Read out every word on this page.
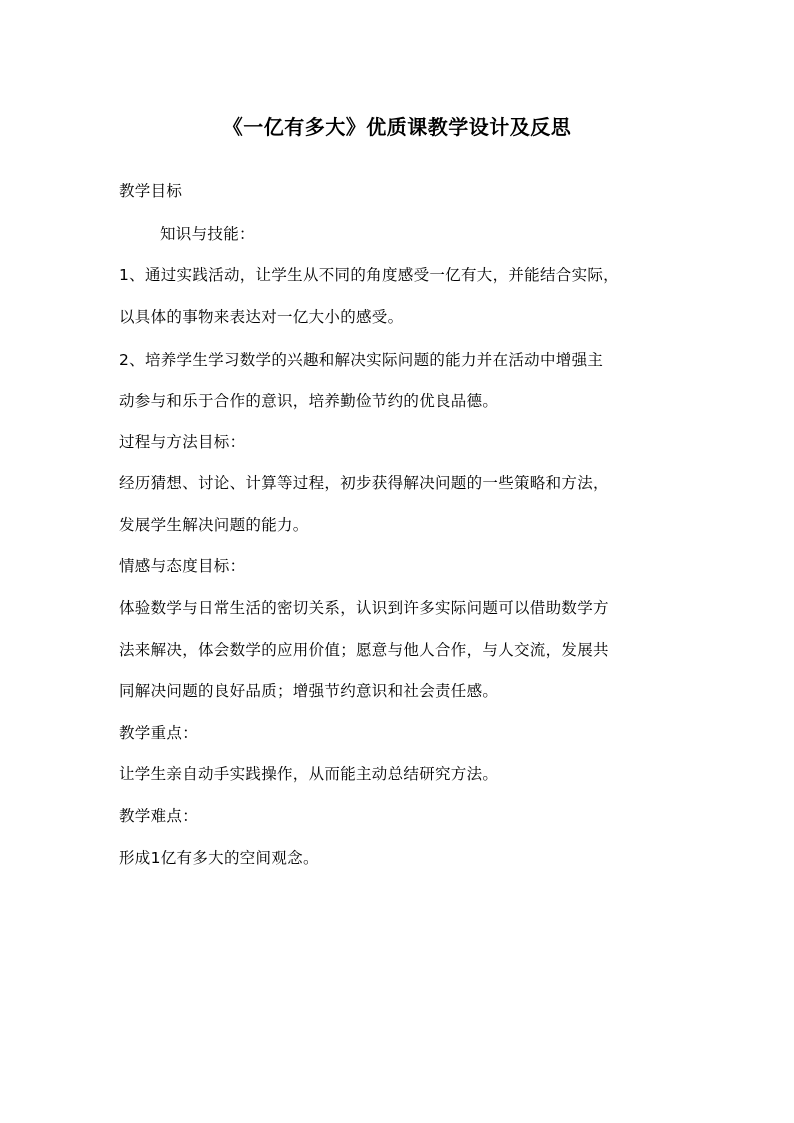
《一亿有多大》优质课教学设计及反思
教学目标
知识与技能：
1、通过实践活动，让学生从不同的角度感受一亿有大，并能结合实际，
以具体的事物来表达对一亿大小的感受。
2、培养学生学习数学的兴趣和解决实际问题的能力并在活动中增强主
动参与和乐于合作的意识，培养勤俭节约的优良品德。
过程与方法目标：
经历猜想、讨论、计算等过程，初步获得解决问题的一些策略和方法，
发展学生解决问题的能力。
情感与态度目标：
体验数学与日常生活的密切关系，认识到许多实际问题可以借助数学方
法来解决，体会数学的应用价值；愿意与他人合作，与人交流，发展共
同解决问题的良好品质；增强节约意识和社会责任感。
教学重点：
让学生亲自动手实践操作，从而能主动总结研究方法。
教学难点：
形成1亿有多大的空间观念。
